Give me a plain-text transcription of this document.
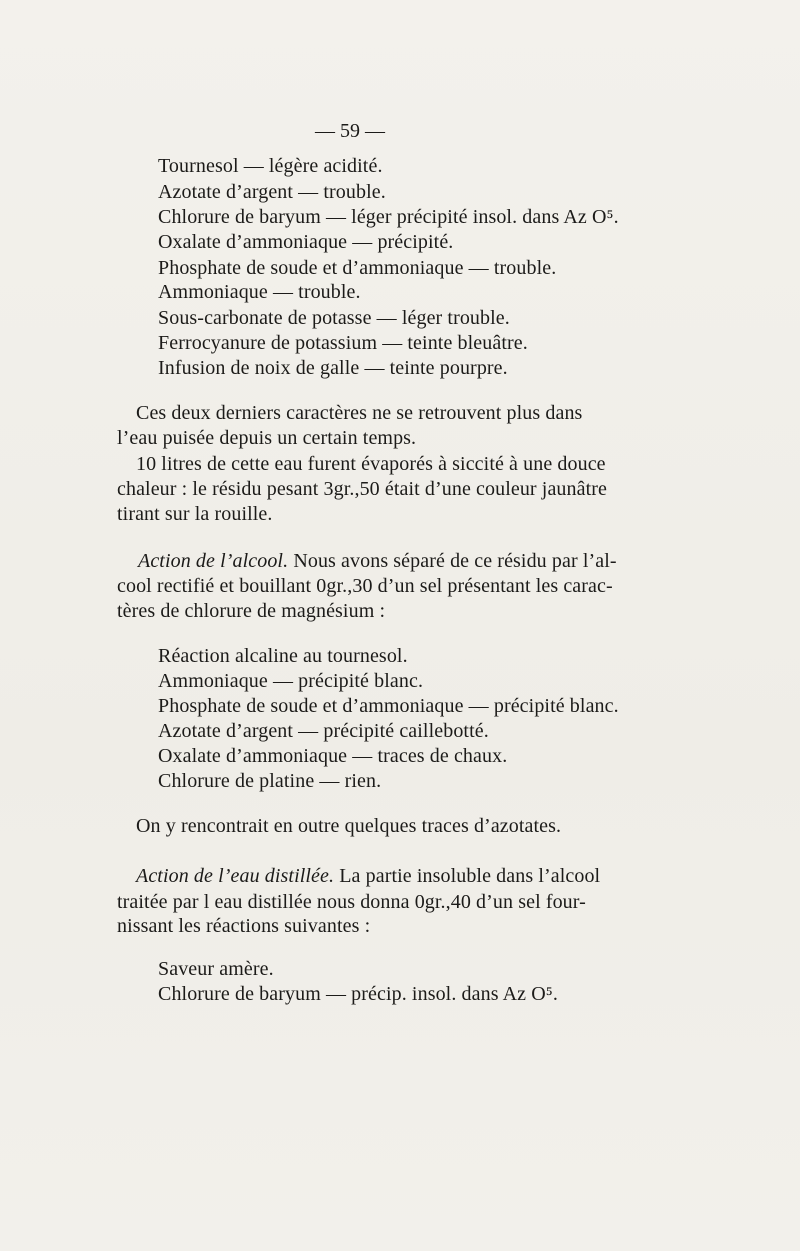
— 59 —
Tournesol — légère acidité.
Azotate d’argent — trouble.
Chlorure de baryum — léger précipité insol. dans Az O⁵.
Oxalate d’ammoniaque — précipité.
Phosphate de soude et d’ammoniaque — trouble.
Ammoniaque — trouble.
Sous-carbonate de potasse — léger trouble.
Ferrocyanure de potassium — teinte bleuâtre.
Infusion de noix de galle — teinte pourpre.
Ces deux derniers caractères ne se retrouvent plus dans
l’eau puisée depuis un certain temps.
10 litres de cette eau furent évaporés à siccité à une douce
chaleur : le résidu pesant 3gr.,50 était d’une couleur jaunâtre
tirant sur la rouille.
Action de l’alcool. Nous avons séparé de ce résidu par l’al-
cool rectifié et bouillant 0gr.,30 d’un sel présentant les carac-
tères de chlorure de magnésium :
Réaction alcaline au tournesol.
Ammoniaque — précipité blanc.
Phosphate de soude et d’ammoniaque — précipité blanc.
Azotate d’argent — précipité caillebotté.
Oxalate d’ammoniaque — traces de chaux.
Chlorure de platine — rien.
On y rencontrait en outre quelques traces d’azotates.
Action de l’eau distillée. La partie insoluble dans l’alcool
traitée par l eau distillée nous donna 0gr.,40 d’un sel four-
nissant les réactions suivantes :
Saveur amère.
Chlorure de baryum — précip. insol. dans Az O⁵.
